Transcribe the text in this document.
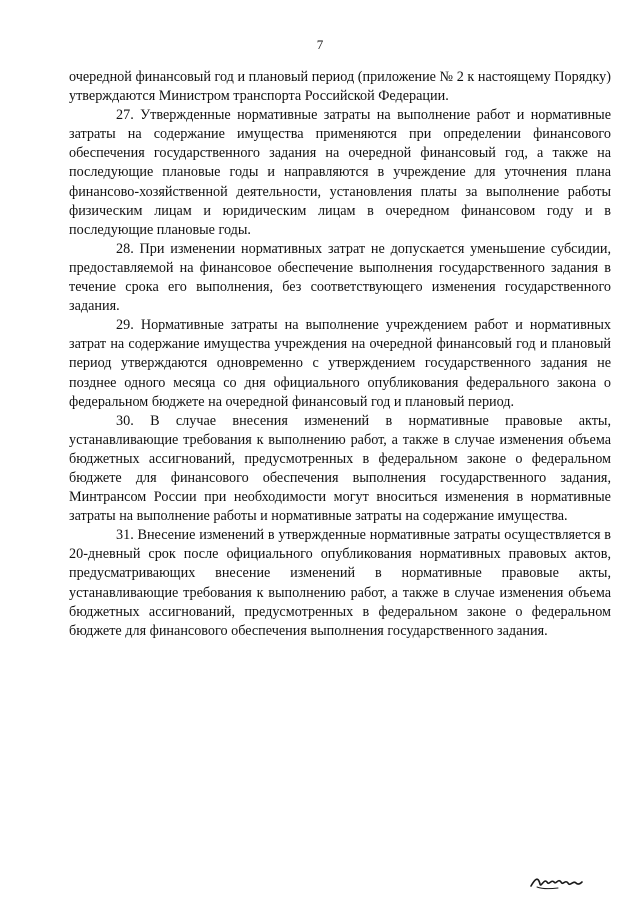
7

очередной финансовый год и плановый период (приложение № 2 к настоящему Порядку) утверждаются Министром транспорта Российской Федерации.

27. Утвержденные нормативные затраты на выполнение работ и нормативные затраты на содержание имущества применяются при определении финансового обеспечения государственного задания на очередной финансовый год, а также на последующие плановые годы и направляются в учреждение для уточнения плана финансово-хозяйственной деятельности, установления платы за выполнение работы физическим лицам и юридическим лицам в очередном финансовом году и в последующие плановые годы.

28. При изменении нормативных затрат не допускается уменьшение субсидии, предоставляемой на финансовое обеспечение выполнения государственного задания в течение срока его выполнения, без соответствующего изменения государственного задания.

29. Нормативные затраты на выполнение учреждением работ и нормативных затрат на содержание имущества учреждения на очередной финансовый год и плановый период утверждаются одновременно с утверждением государственного задания не позднее одного месяца со дня официального опубликования федерального закона о федеральном бюджете на очередной финансовый год и плановый период.

30. В случае внесения изменений в нормативные правовые акты, устанавливающие требования к выполнению работ, а также в случае изменения объема бюджетных ассигнований, предусмотренных в федеральном законе о федеральном бюджете для финансового обеспечения выполнения государственного задания, Минтрансом России при необходимости могут вноситься изменения в нормативные затраты на выполнение работы и нормативные затраты на содержание имущества.

31. Внесение изменений в утвержденные нормативные затраты осуществляется в 20-дневный срок после официального опубликования нормативных правовых актов, предусматривающих внесение изменений в нормативные правовые акты, устанавливающие требования к выполнению работ, а также в случае изменения объема бюджетных ассигнований, предусмотренных в федеральном законе о федеральном бюджете для финансового обеспечения выполнения государственного задания.
